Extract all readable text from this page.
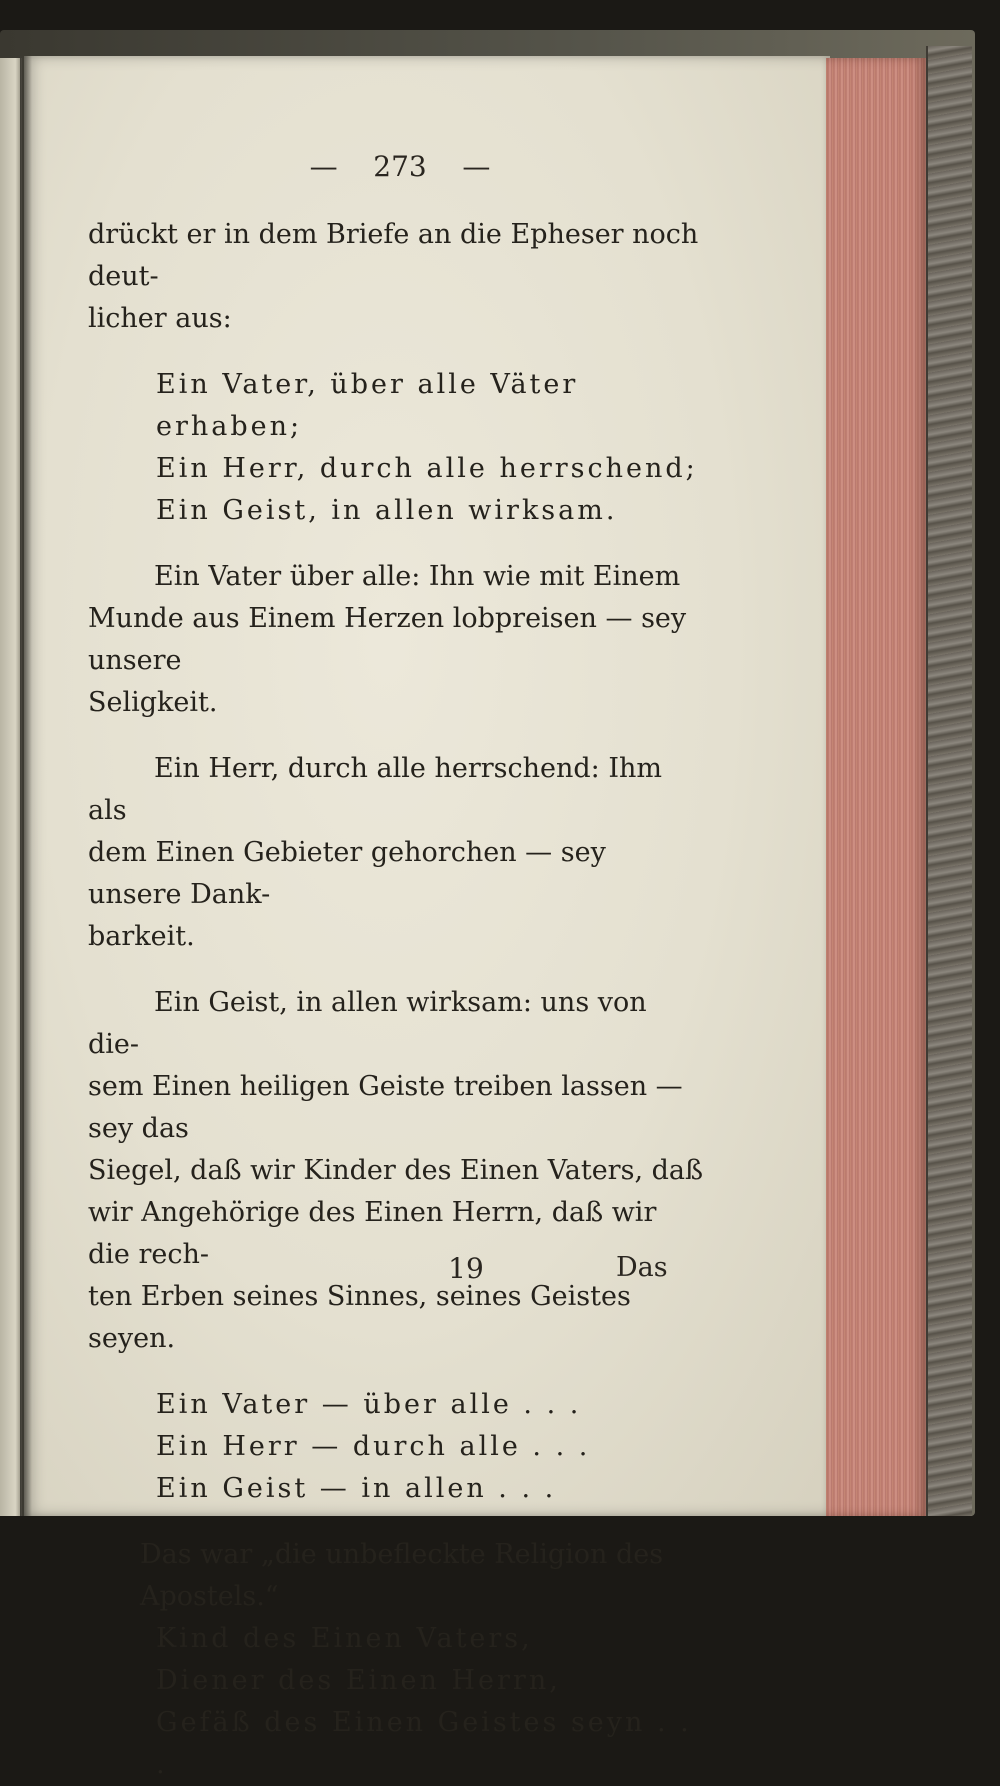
— 273 —

drückt er in dem Briefe an die Epheser noch deut-

licher aus:

Ein Vater, über alle Väter erhaben;

Ein Herr, durch alle herrschend;

Ein Geist, in allen wirksam.

Ein Vater über alle: Ihn wie mit Einem

Munde aus Einem Herzen lobpreisen — sey unsere

Seligkeit.

Ein Herr, durch alle herrschend: Ihm als

dem Einen Gebieter gehorchen — sey unsere Dank-

barkeit.

Ein Geist, in allen wirksam: uns von die-

sem Einen heiligen Geiste treiben lassen — sey das

Siegel, daß wir Kinder des Einen Vaters, daß

wir Angehörige des Einen Herrn, daß wir die rech-

ten Erben seines Sinnes, seines Geistes seyen.

Ein Vater — über alle . . .

Ein Herr — durch alle . . .

Ein Geist — in allen . . .

Das war „die unbefleckte Religion des Apostels.“

Kind des Einen Vaters,

Diener des Einen Herrn,

Gefäß des Einen Geistes seyn . . .

19	Das
